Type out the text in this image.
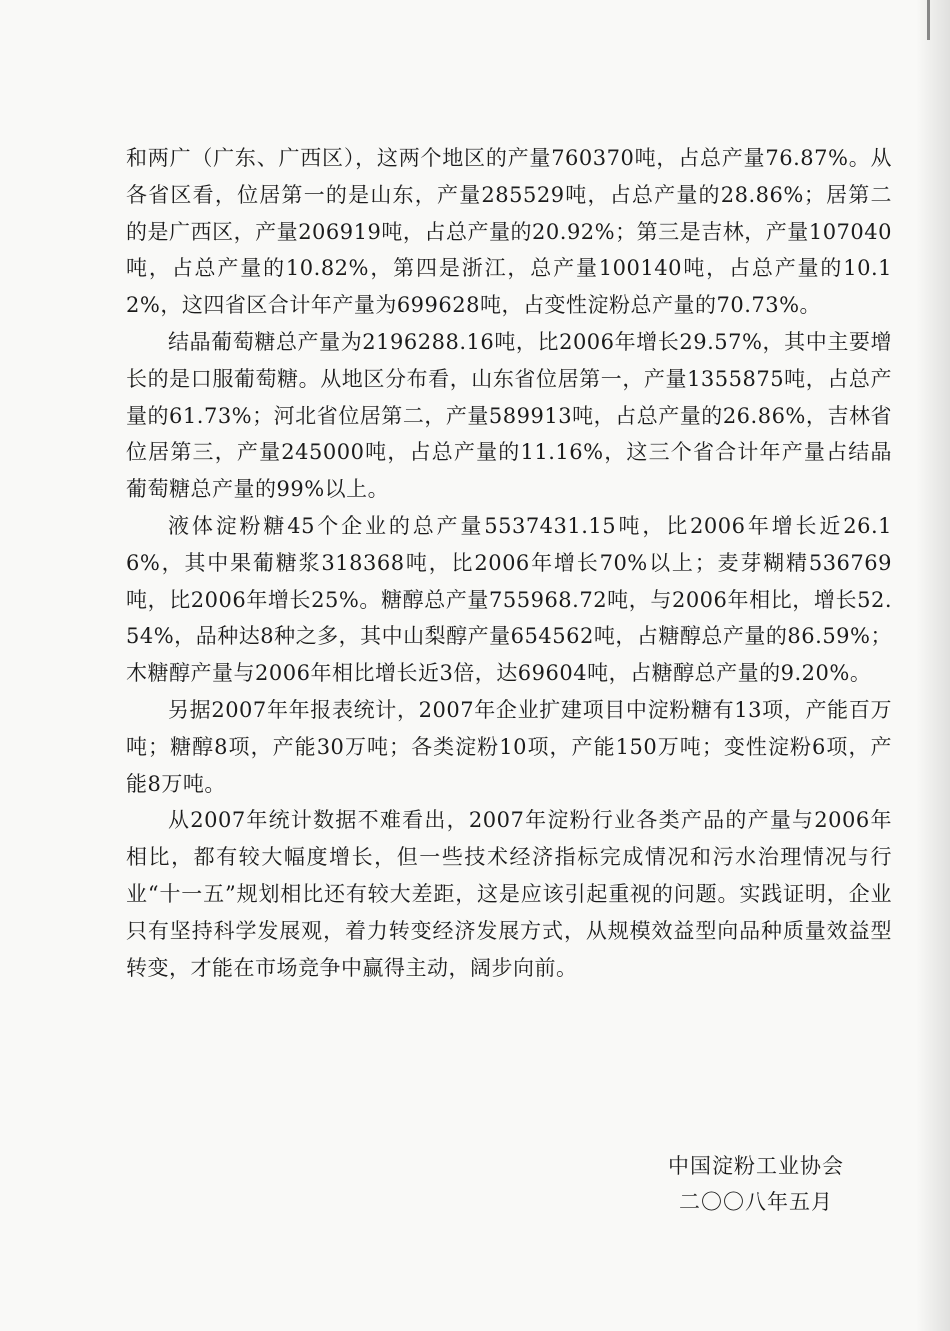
和两广（广东、广西区），这两个地区的产量760370吨，占总产量76.87%。从各省区看，位居第一的是山东，产量285529吨，占总产量的28.86%；居第二的是广西区，产量206919吨，占总产量的20.92%；第三是吉林，产量107040吨，占总产量的10.82%，第四是浙江，总产量100140吨，占总产量的10.12%，这四省区合计年产量为699628吨，占变性淀粉总产量的70.73%。

结晶葡萄糖总产量为2196288.16吨，比2006年增长29.57%，其中主要增长的是口服葡萄糖。从地区分布看，山东省位居第一，产量1355875吨，占总产量的61.73%；河北省位居第二，产量589913吨，占总产量的26.86%，吉林省位居第三，产量245000吨，占总产量的11.16%，这三个省合计年产量占结晶葡萄糖总产量的99%以上。

液体淀粉糖45个企业的总产量5537431.15吨，比2006年增长近26.16%，其中果葡糖浆318368吨，比2006年增长70%以上；麦芽糊精536769吨，比2006年增长25%。糖醇总产量755968.72吨，与2006年相比，增长52.54%，品种达8种之多，其中山梨醇产量654562吨，占糖醇总产量的86.59%；木糖醇产量与2006年相比增长近3倍，达69604吨，占糖醇总产量的9.20%。

另据2007年年报表统计，2007年企业扩建项目中淀粉糖有13项，产能百万吨；糖醇8项，产能30万吨；各类淀粉10项，产能150万吨；变性淀粉6项，产能8万吨。

从2007年统计数据不难看出，2007年淀粉行业各类产品的产量与2006年相比，都有较大幅度增长，但一些技术经济指标完成情况和污水治理情况与行业“十一五”规划相比还有较大差距，这是应该引起重视的问题。实践证明，企业只有坚持科学发展观，着力转变经济发展方式，从规模效益型向品种质量效益型转变，才能在市场竞争中赢得主动，阔步向前。

中国淀粉工业协会
二〇〇八年五月
